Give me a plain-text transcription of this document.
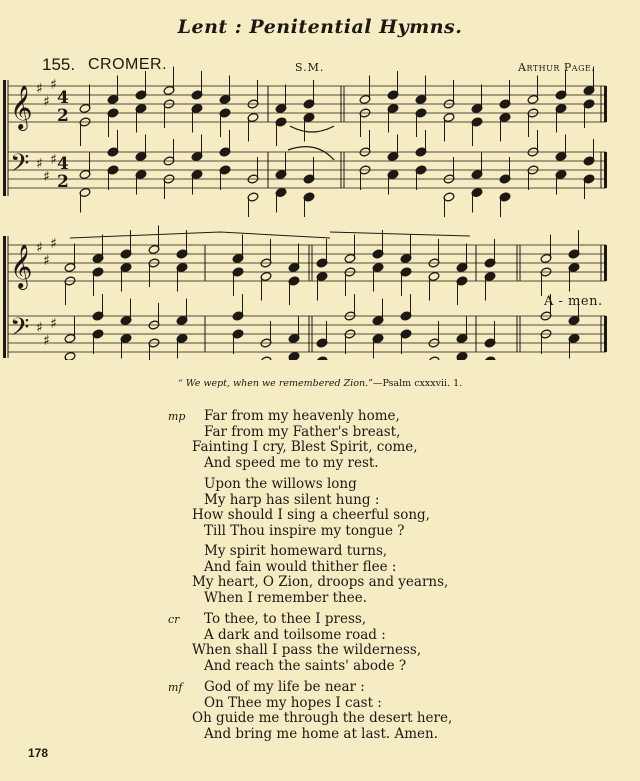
Lent : Penitential Hymns.
155. CROMER.	S.M.	Arthur Page.
𝄞 ♯
♯
♯
4
2
𝄢 ♯
♯
♯ 4
2
𝄞 ♯
♯
♯
𝄢 ♯
♯
♯
A - men.
“ We wept, when we remembered Zion.”—Psalm cxxxvii. 1.
mp Far from my heavenly home,
Far from my Father's breast,
Fainting I cry, Blest Spirit, come,
And speed me to my rest.
Upon the willows long
My harp has silent hung :
How should I sing a cheerful song,
Till Thou inspire my tongue ?
My spirit homeward turns,
And fain would thither flee :
My heart, O Zion, droops and yearns,
When I remember thee.
cr To thee, to thee I press,
A dark and toilsome road :
When shall I pass the wilderness,
And reach the saints' abode ?
mf God of my life be near :
On Thee my hopes I cast :
Oh guide me through the desert here,
And bring me home at last. Amen.
178
